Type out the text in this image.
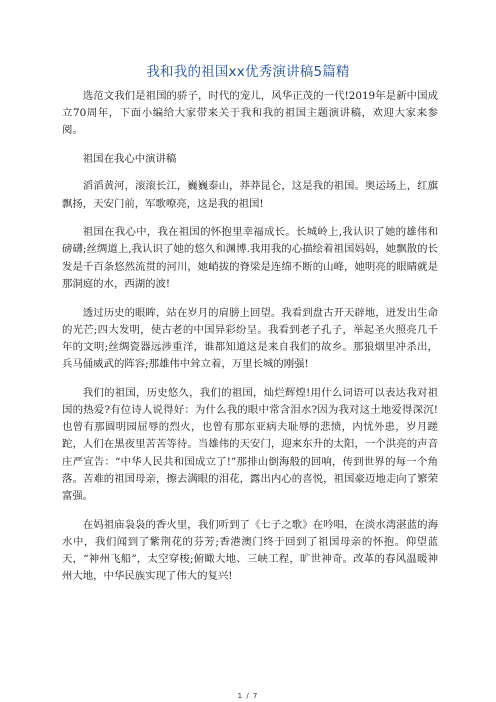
我和我的祖国xx优秀演讲稿5篇精

选范文我们是祖国的骄子，时代的宠儿，风华正茂的一代!2019年是新中国成立70周年，下面小编给大家带来关于我和我的祖国主题演讲稿，欢迎大家来参阅。

祖国在我心中演讲稿

滔滔黄河，滚滚长江，巍巍泰山，莽莽昆仑，这是我的祖国。奥运场上，红旗飘扬，天安门前，军歌嘹亮，这是我的祖国!

祖国在我心中，我在祖国的怀抱里幸福成长。长城岭上,我认识了她的雄伟和磅礴;丝绸道上,我认识了她的悠久和渊博.我用我的心描绘着祖国妈妈，她飘散的长发是千百条悠然流贯的河川，她峭拔的脊梁是连绵不断的山峰，她明亮的眼睛就是那洞庭的水，西湖的波!

透过历史的眼眸，站在岁月的肩膀上回望。我看到盘古开天辟地，迸发出生命的光芒;四大发明，使古老的中国异彩纷呈。我看到老子孔子，举起圣火照亮几千年的文明;丝绸瓷器远涉重洋，谁都知道这是来自我们的故乡。那狼烟里冲杀出，兵马俑威武的阵容;那雄伟中耸立着，万里长城的刚强!

我们的祖国，历史悠久，我们的祖国，灿烂辉煌!用什么词语可以表达我对祖国的热爱?有位诗人说得好：为什么我的眼中常含泪水?因为我对这土地爱得深沉!也曾有那圆明园屈辱的烈火，也曾有那东亚病夫耻辱的悲愤，内忧外患，岁月蹉跎，人们在黑夜里苦苦等待。当雄伟的天安门，迎来东升的太阳，一个洪亮的声音庄严宣告：“中华人民共和国成立了!”那排山倒海般的回响，传到世界的每一个角落。苦难的祖国母亲，擦去满眼的泪花，露出内心的喜悦，祖国豪迈地走向了繁荣富强。

在妈祖庙袅袅的香火里，我们听到了《七子之歌》在吟唱，在淡水湾湛蓝的海水中，我们闻到了紫荆花的芬芳;香港澳门终于回到了祖国母亲的怀抱。仰望蓝天，“神州飞船”，太空穿梭;俯瞰大地、三峡工程，旷世神奇。改革的春风温暖神州大地，中华民族实现了伟大的复兴!

1 / 7
